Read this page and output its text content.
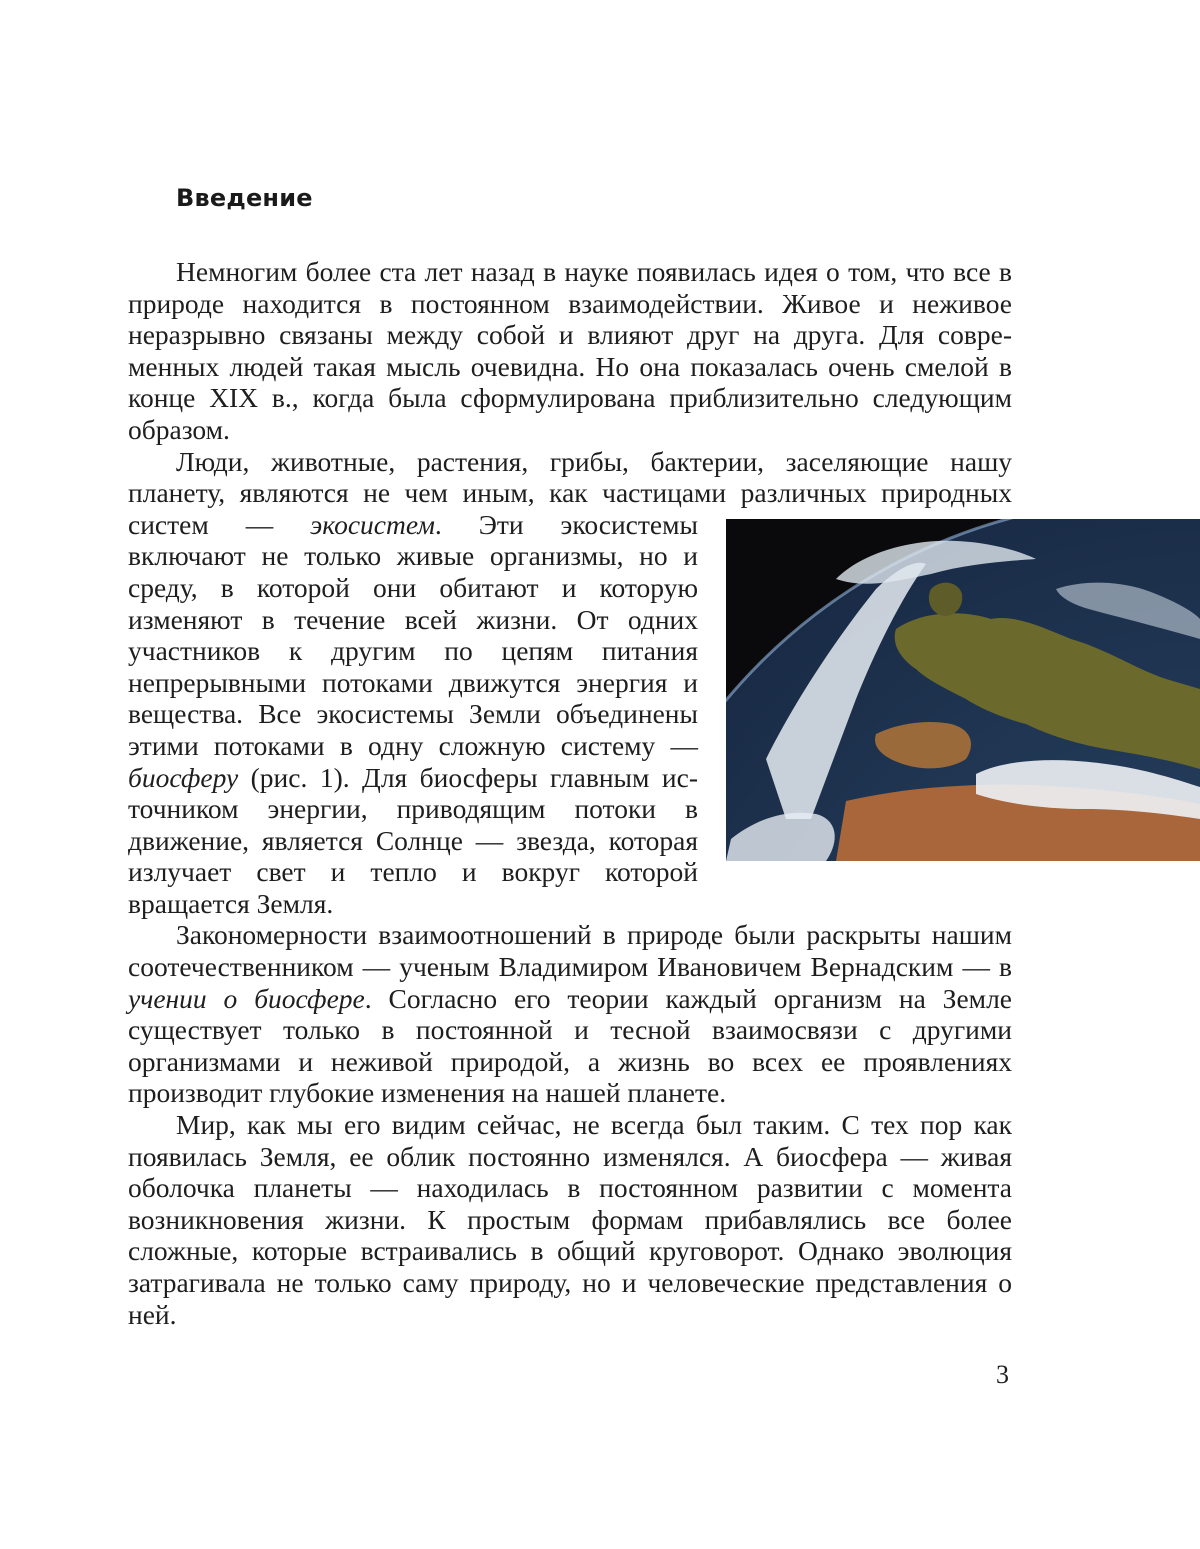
Введение

Немногим более ста лет назад в науке появилась идея о том, что все в природе находится в постоянном взаимодействии. Живое и неживое неразрывно связаны между собой и влияют друг на друга. Для современных людей такая мысль очевидна. Но она показалась очень смелой в конце XIX в., когда была сформулирована приблизительно следующим образом.

Люди, животные, растения, грибы, бактерии, заселяющие нашу планету, являются не чем иным, как частицами различных природных систем — экосистем
. Эти экосистемы включают не только живые организмы, но и среду, в которой они обитают и которую изменяют в течение всей жизни. От одних участников к другим по цепям питания непрерывными потоками движутся энергия и вещества. Все экосистемы Земли объединены этими потоками в одну сложную систему — биосферу (рис. 1). Для биосферы главным источником энергии, приводящим потоки в движение, является Солнце — звезда, которая излучает свет и тепло и вокруг которой вращается Земля.

Закономерности взаимоотношений в природе были раскрыты нашим соотечественником — ученым Владимиром Ивановичем Вернадским — в учении о биосфере. Согласно его теории каждый организм на Земле существует только в постоянной и тесной взаимосвязи с другими организмами и неживой природой, а жизнь во всех ее проявлениях производит глубокие изменения на нашей планете.

Мир, как мы его видим сейчас, не всегда был таким. С тех пор как появилась Земля, ее облик постоянно изменялся. А биосфера — живая оболочка планеты — находилась в постоянном развитии с момента возникновения жизни. К простым формам прибавлялись все более сложные, которые встраивались в общий круговорот. Однако эволюция затрагивала не только саму природу, но и человеческие представления о ней.

3
